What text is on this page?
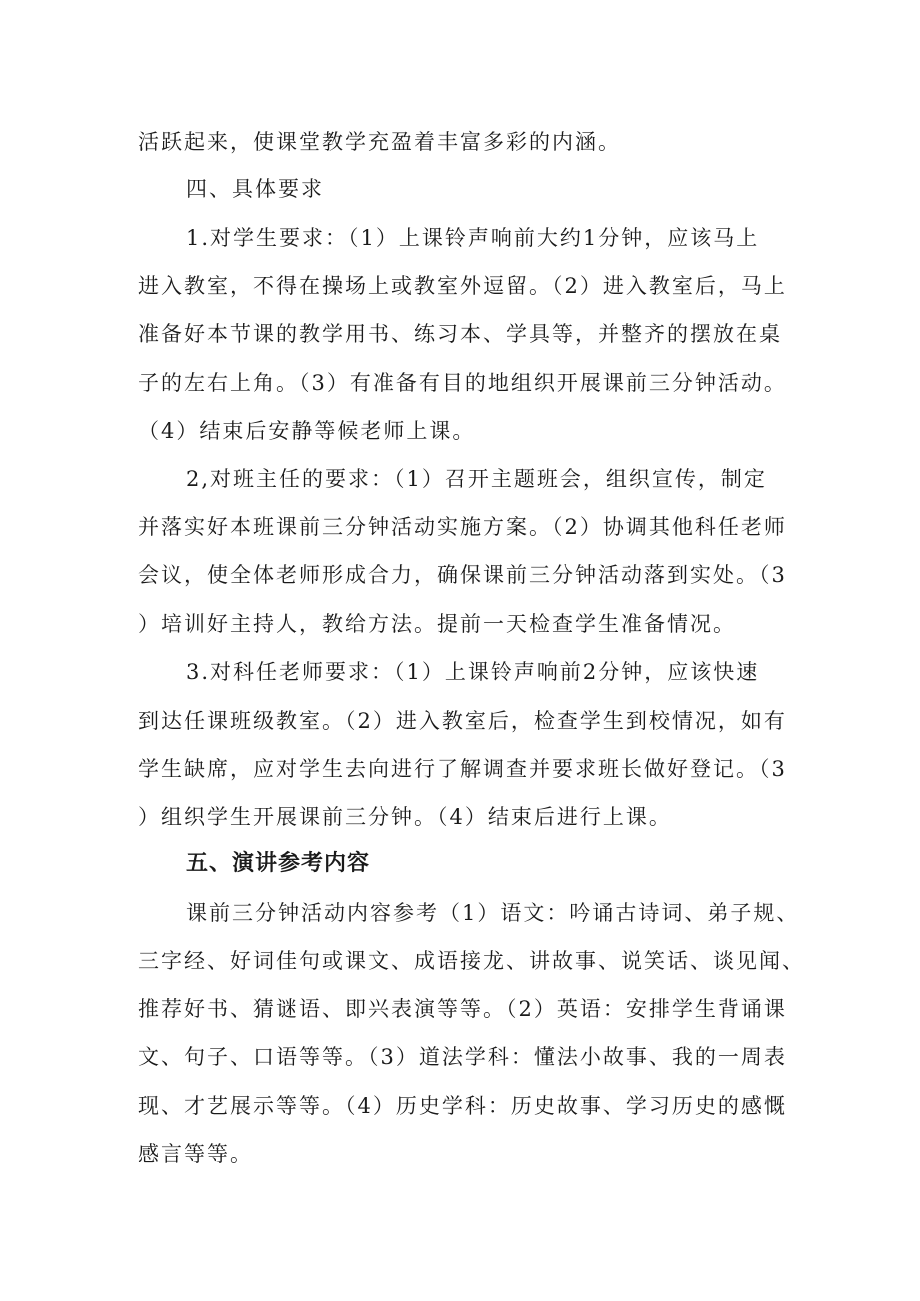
活跃起来，使课堂教学充盈着丰富多彩的内涵。

四、具体要求

1.对学生要求：（1）上课铃声响前大约1分钟，应该马上

进入教室，不得在操场上或教室外逗留。（2）进入教室后，马上

准备好本节课的教学用书、练习本、学具等，并整齐的摆放在桌

子的左右上角。（3）有准备有目的地组织开展课前三分钟活动。

（4）结束后安静等候老师上课。

2,对班主任的要求：（1）召开主题班会，组织宣传，制定

并落实好本班课前三分钟活动实施方案。（2）协调其他科任老师

会议，使全体老师形成合力，确保课前三分钟活动落到实处。（3

）培训好主持人，教给方法。提前一天检查学生准备情况。

3.对科任老师要求：（1）上课铃声响前2分钟，应该快速

到达任课班级教室。（2）进入教室后，检查学生到校情况，如有

学生缺席，应对学生去向进行了解调查并要求班长做好登记。（3

）组织学生开展课前三分钟。（4）结束后进行上课。

五、演讲参考内容

课前三分钟活动内容参考（1）语文：吟诵古诗词、弟子规、

三字经、好词佳句或课文、成语接龙、讲故事、说笑话、谈见闻、

推荐好书、猜谜语、即兴表演等等。（2）英语：安排学生背诵课

文、句子、口语等等。（3）道法学科：懂法小故事、我的一周表

现、才艺展示等等。（4）历史学科：历史故事、学习历史的感慨

感言等等。
